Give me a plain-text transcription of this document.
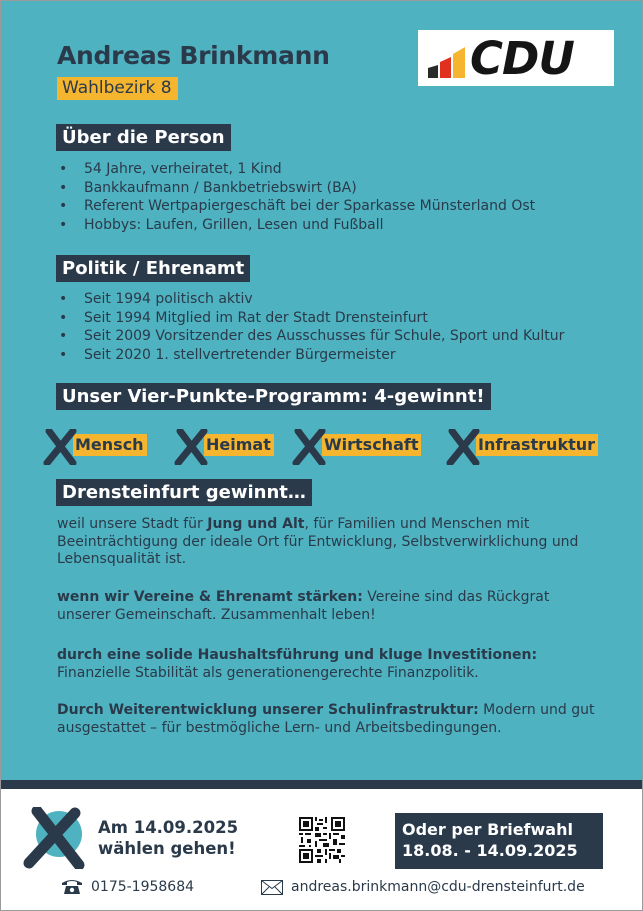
Andreas Brinkmann
Wahlbezirk 8
CDU
Über die Person
• 54 Jahre, verheiratet, 1 Kind
• Bankkaufmann / Bankbetriebswirt (BA)
• Referent Wertpapiergeschäft bei der Sparkasse Münsterland Ost
• Hobbys: Laufen, Grillen, Lesen und Fußball
Politik / Ehrenamt
• Seit 1994 politisch aktiv
• Seit 1994 Mitglied im Rat der Stadt Drensteinfurt
• Seit 2009 Vorsitzender des Ausschusses für Schule, Sport und Kultur
• Seit 2020 1. stellvertretender Bürgermeister
Unser Vier-Punkte-Programm: 4-gewinnt!
Mensch	Heimat	Wirtschaft	Infrastruktur
Drensteinfurt gewinnt…
weil unsere Stadt für Jung und Alt, für Familien und Menschen mit Beeinträchtigung der ideale Ort für Entwicklung, Selbstverwirklichung und Lebensqualität ist.
wenn wir Vereine & Ehrenamt stärken: Vereine sind das Rückgrat unserer Gemeinschaft. Zusammenhalt leben!
durch eine solide Haushaltsführung und kluge Investitionen: Finanzielle Stabilität als generationengerechte Finanzpolitik.
Durch Weiterentwicklung unserer Schulinfrastruktur: Modern und gut ausgestattet – für bestmögliche Lern- und Arbeitsbedingungen.
Am 14.09.2025
wählen gehen!
Oder per Briefwahl
18.08. - 14.09.2025
0175-1958684	andreas.brinkmann@cdu-drensteinfurt.de
